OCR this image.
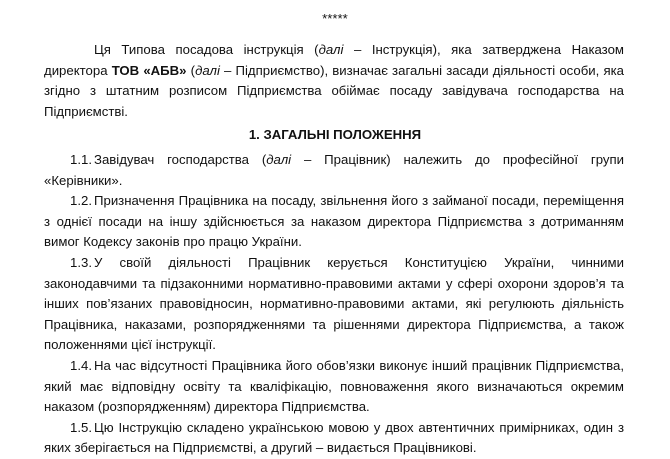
*****

Ця Типова посадова інструкція (далі – Інструкція), яка затверджена Наказом директора ТОВ «АБВ» (далі – Підприємство), визначає загальні засади діяльності особи, яка згідно з штатним розписом Підприємства обіймає посаду завідувача господарства на Підприємстві.

1. ЗАГАЛЬНІ ПОЛОЖЕННЯ

1.1. Завідувач господарства (далі – Працівник) належить до професійної групи «Керівники».

1.2. Призначення Працівника на посаду, звільнення його з займаної посади, переміщення з однієї посади на іншу здійснюється за наказом директора Підприємства з дотриманням вимог Кодексу законів про працю України.

1.3. У своїй діяльності Працівник керується Конституцією України, чинними законодавчими та підзаконними нормативно-правовими актами у сфері охорони здоров’я та інших пов’язаних правовідносин, нормативно-правовими актами, які регулюють діяльність Працівника, наказами, розпорядженнями та рішеннями директора Підприємства, а також положеннями цієї інструкції.

1.4. На час відсутності Працівника його обов’язки виконує інший працівник Підприємства, який має відповідну освіту та кваліфікацію, повноваження якого визначаються окремим наказом (розпорядженням) директора Підприємства.

1.5. Цю Інструкцію складено українською мовою у двох автентичних примірниках, один з яких зберігається на Підприємстві, а другий – видається Працівникові.
